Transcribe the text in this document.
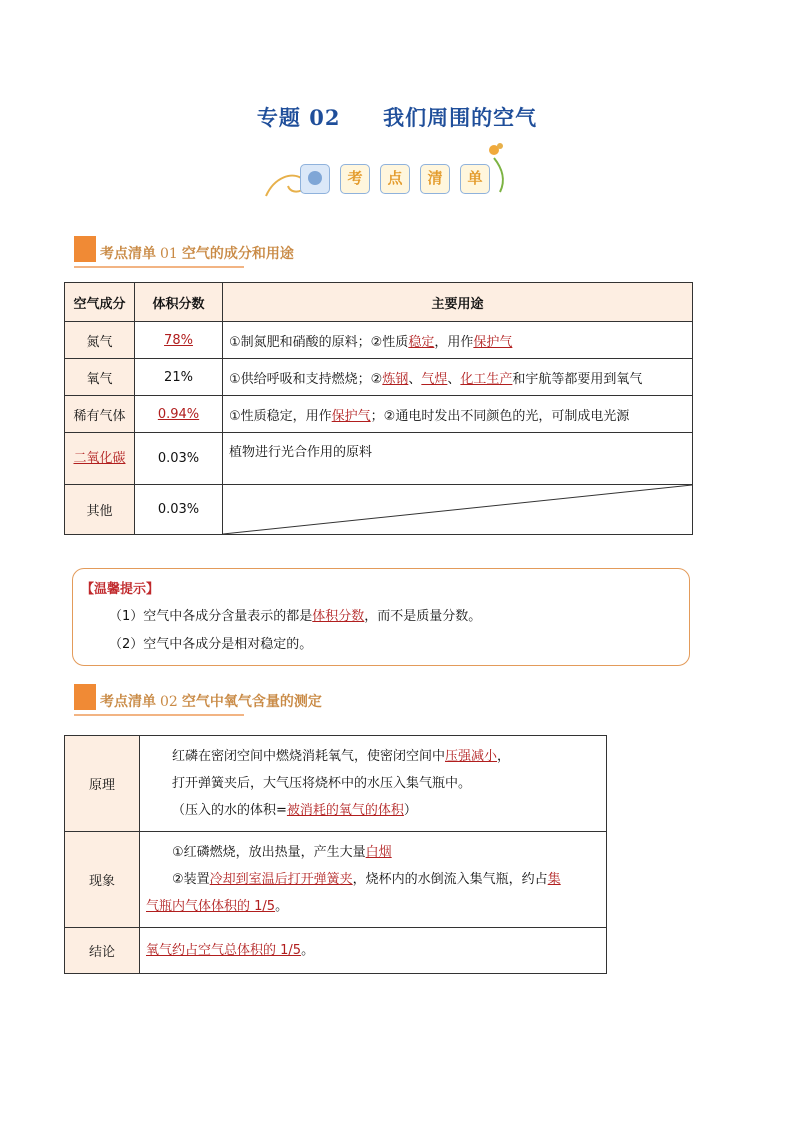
专题 02 我们周围的空气
考	点	清	单
考点清单 01 空气的成分和用途
空气成分	体积分数	主要用途
氮气	78%	①制氮肥和硝酸的原料；②性质稳定，用作保护气
氧气	21%	①供给呼吸和支持燃烧；②炼钢、气焊、化工生产和宇航等都要用到氧气
稀有气体	0.94%	①性质稳定，用作保护气；②通电时发出不同颜色的光，可制成电光源
二氧化碳	0.03%	植物进行光合作用的原料
其他	0.03%	
【温馨提示】
（1）空气中各成分含量表示的都是体积分数，而不是质量分数。
（2）空气中各成分是相对稳定的。
考点清单 02 空气中氧气含量的测定
原理	红磷在密闭空间中燃烧消耗氧气，使密闭空间中压强减小，
打开弹簧夹后，大气压将烧杯中的水压入集气瓶中。
（压入的水的体积=被消耗的氧气的体积）

现象	①红磷燃烧，放出热量，产生大量白烟
②装置冷却到室温后打开弹簧夹，烧杯内的水倒流入集气瓶，约占集
气瓶内气体体积的 1/5。

结论	氧气约占空气总体积的 1/5。
